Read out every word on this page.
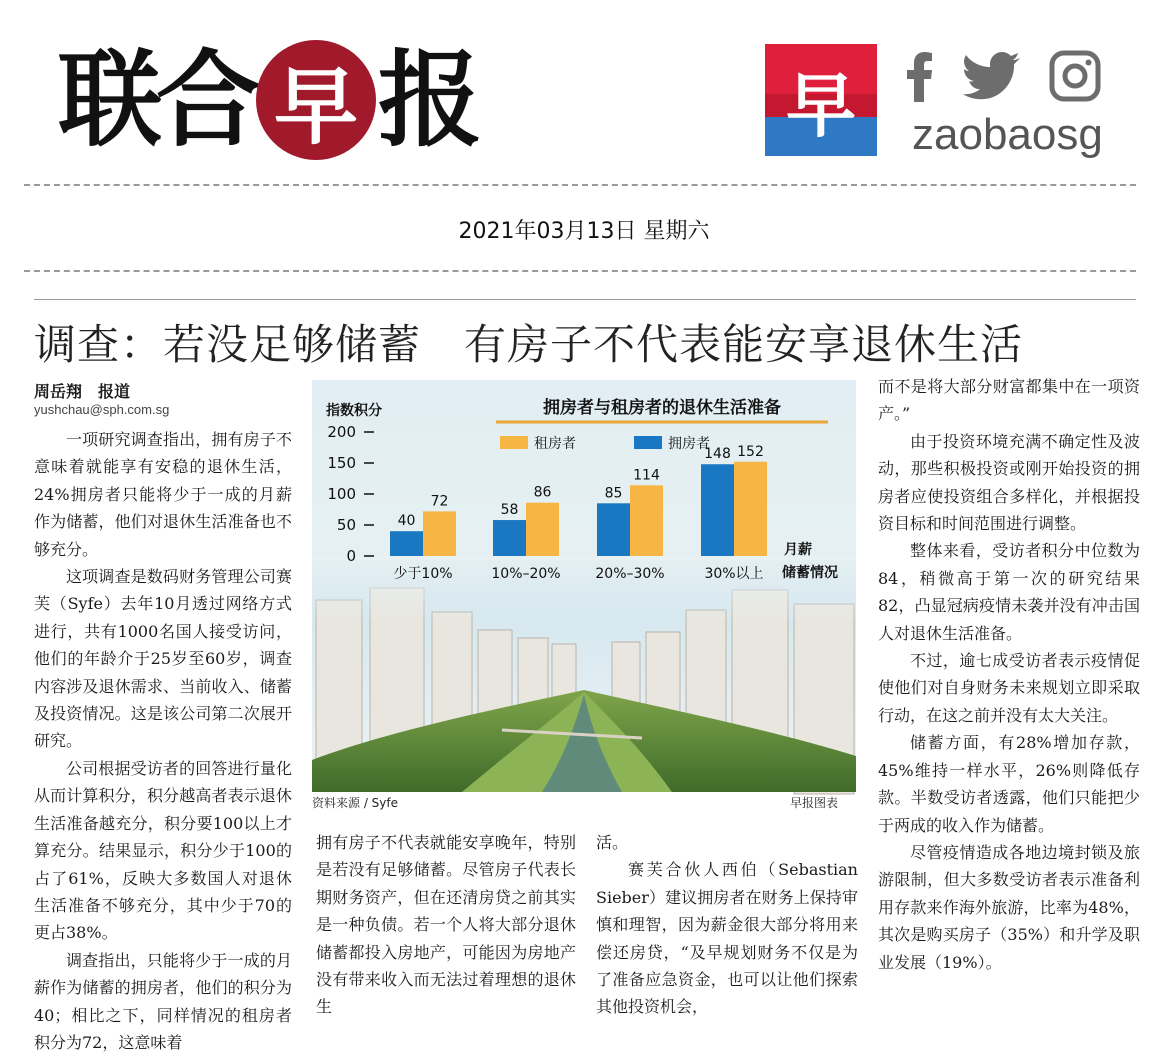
联 合 早 报	早	zaobaosg
2021年03月13日 星期六
调查：若没足够储蓄　有房子不代表能安享退休生活
周岳翔　报道
yushchau@sph.com.sg

一项研究调查指出，拥有房子不意味着就能享有安稳的退休生活，24%拥房者只能将少于一成的月薪作为储蓄，他们对退休生活准备也不够充分。

这项调查是数码财务管理公司赛芙（Syfe）去年10月透过网络方式进行，共有1000名国人接受访问，他们的年龄介于25岁至60岁，调查内容涉及退休需求、当前收入、储蓄及投资情况。这是该公司第二次展开研究。

公司根据受访者的回答进行量化从而计算积分，积分越高者表示退休生活准备越充分，积分要100以上才算充分。结果显示，积分少于100的占了61%，反映大多数国人对退休生活准备不够充分，其中少于70的更占38%。

调查指出，只能将少于一成的月薪作为储蓄的拥房者，他们的积分为40；相比之下，同样情况的租房者积分为72，这意味着

拥有房子不代表就能安享晚年，特别是若没有足够储蓄。尽管房子代表长期财务资产，但在还清房贷之前其实是一种负债。若一个人将大部分退休储蓄都投入房地产，可能因为房地产没有带来收入而无法过着理想的退休生

活。

赛芙合伙人西伯（Sebastian Sieber）建议拥房者在财务上保持审慎和理智，因为薪金很大部分将用来偿还房贷，“及早规划财务不仅是为了准备应急资金，也可以让他们探索其他投资机会，

而不是将大部分财富都集中在一项资产。”

由于投资环境充满不确定性及波动，那些积极投资或刚开始投资的拥房者应使投资组合多样化，并根据投资目标和时间范围进行调整。

整体来看，受访者积分中位数为84，稍微高于第一次的研究结果82，凸显冠病疫情未袭并没有冲击国人对退休生活准备。

不过，逾七成受访者表示疫情促使他们对自身财务未来规划立即采取行动，在这之前并没有太大关注。

储蓄方面，有28%增加存款，45%维持一样水平，26%则降低存款。半数受访者透露，他们只能把少于两成的收入作为储蓄。

尽管疫情造成各地边境封锁及旅游限制，但大多数受访者表示准备利用存款来作海外旅游，比率为48%，其次是购买房子（35%）和升学及职业发展（19%）。

拥房者与租房者的退休生活准备
指数积分
租房者	拥房者
0
50
100
150
200
40
72
58
86	85
114
148 152
少于10%	10%–20% 20%–30%	30%以上
月薪 储蓄情况
资料来源 / Syfe	早报图表
